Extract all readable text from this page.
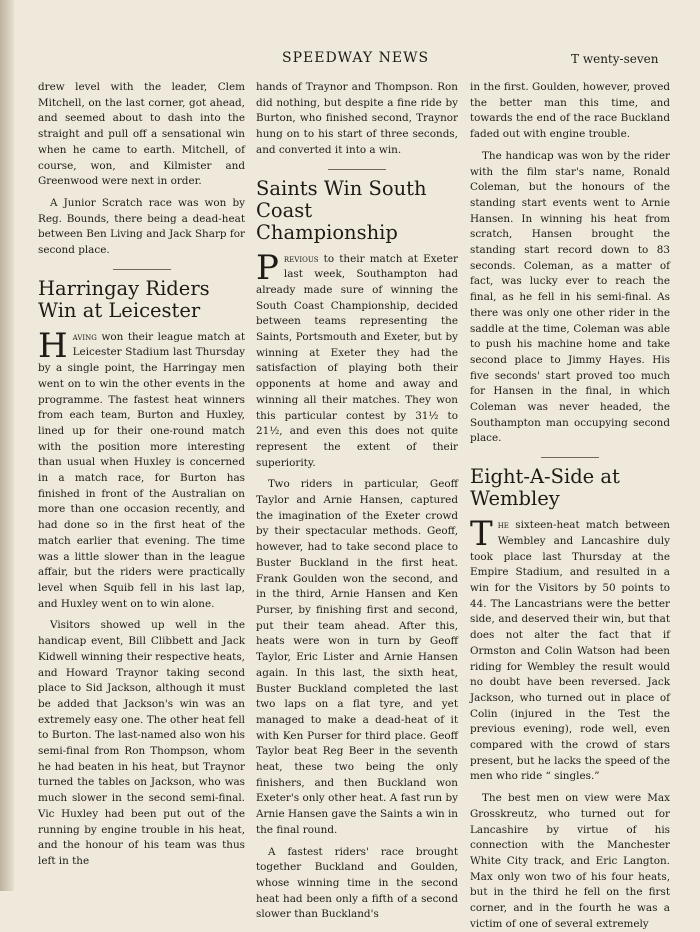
SPEEDWAY NEWS	T wenty-seven

drew level with the leader, Clem Mitchell, on the last corner, got ahead, and seemed about to dash into the straight and pull off a sensational win when he came to earth. Mitchell, of course, won, and Kilmister and Greenwood were next in order.

A Junior Scratch race was won by Reg. Bounds, there being a dead-heat between Ben Living and Jack Sharp for second place.

Harringay Riders Win at Leicester

Having won their league match at Leicester Stadium last Thursday by a single point, the Harringay men went on to win the other events in the programme. The fastest heat winners from each team, Burton and Huxley, lined up for their one-round match with the position more interesting than usual when Huxley is concerned in a match race, for Burton has finished in front of the Australian on more than one occasion recently, and had done so in the first heat of the match earlier that evening. The time was a little slower than in the league affair, but the riders were practically level when Squib fell in his last lap, and Huxley went on to win alone.

Visitors showed up well in the handicap event, Bill Clibbett and Jack Kidwell winning their respective heats, and Howard Traynor taking second place to Sid Jackson, although it must be added that Jackson's win was an extremely easy one. The other heat fell to Burton. The last-named also won his semi-final from Ron Thompson, whom he had beaten in his heat, but Traynor turned the tables on Jackson, who was much slower in the second semi-final. Vic Huxley had been put out of the running by engine trouble in his heat, and the honour of his team was thus left in the

hands of Traynor and Thompson. Ron did nothing, but despite a fine ride by Burton, who finished second, Traynor hung on to his start of three seconds, and converted it into a win.

Saints Win South Coast Championship

Previous to their match at Exeter last week, Southampton had already made sure of winning the South Coast Championship, decided between teams representing the Saints, Portsmouth and Exeter, but by winning at Exeter they had the satisfaction of playing both their opponents at home and away and winning all their matches. They won this particular contest by 31½ to 21½, and even this does not quite represent the extent of their superiority.

Two riders in particular, Geoff Taylor and Arnie Hansen, captured the imagination of the Exeter crowd by their spectacular methods. Geoff, however, had to take second place to Buster Buckland in the first heat. Frank Goulden won the second, and in the third, Arnie Hansen and Ken Purser, by finishing first and second, put their team ahead. After this, heats were won in turn by Geoff Taylor, Eric Lister and Arnie Hansen again. In this last, the sixth heat, Buster Buckland completed the last two laps on a flat tyre, and yet managed to make a dead-heat of it with Ken Purser for third place. Geoff Taylor beat Reg Beer in the seventh heat, these two being the only finishers, and then Buckland won Exeter's only other heat. A fast run by Arnie Hansen gave the Saints a win in the final round.

A fastest riders' race brought together Buckland and Goulden, whose winning time in the second heat had been only a fifth of a second slower than Buckland's

in the first. Goulden, however, proved the better man this time, and towards the end of the race Buckland faded out with engine trouble.

The handicap was won by the rider with the film star's name, Ronald Coleman, but the honours of the standing start events went to Arnie Hansen. In winning his heat from scratch, Hansen brought the standing start record down to 83 seconds. Coleman, as a matter of fact, was lucky ever to reach the final, as he fell in his semi-final. As there was only one other rider in the saddle at the time, Coleman was able to push his machine home and take second place to Jimmy Hayes. His five seconds' start proved too much for Hansen in the final, in which Coleman was never headed, the Southampton man occupying second place.

Eight-A-Side at Wembley

The sixteen-heat match between Wembley and Lancashire duly took place last Thursday at the Empire Stadium, and resulted in a win for the Visitors by 50 points to 44. The Lancastrians were the better side, and deserved their win, but that does not alter the fact that if Ormston and Colin Watson had been riding for Wembley the result would no doubt have been reversed. Jack Jackson, who turned out in place of Colin (injured in the Test the previous evening), rode well, even compared with the crowd of stars present, but he lacks the speed of the men who ride “ singles.”

The best men on view were Max Grosskreutz, who turned out for Lancashire by virtue of his connection with the Manchester White City track, and Eric Langton. Max only won two of his four heats, but in the third he fell on the first corner, and in the fourth he was a victim of one of several extremely
